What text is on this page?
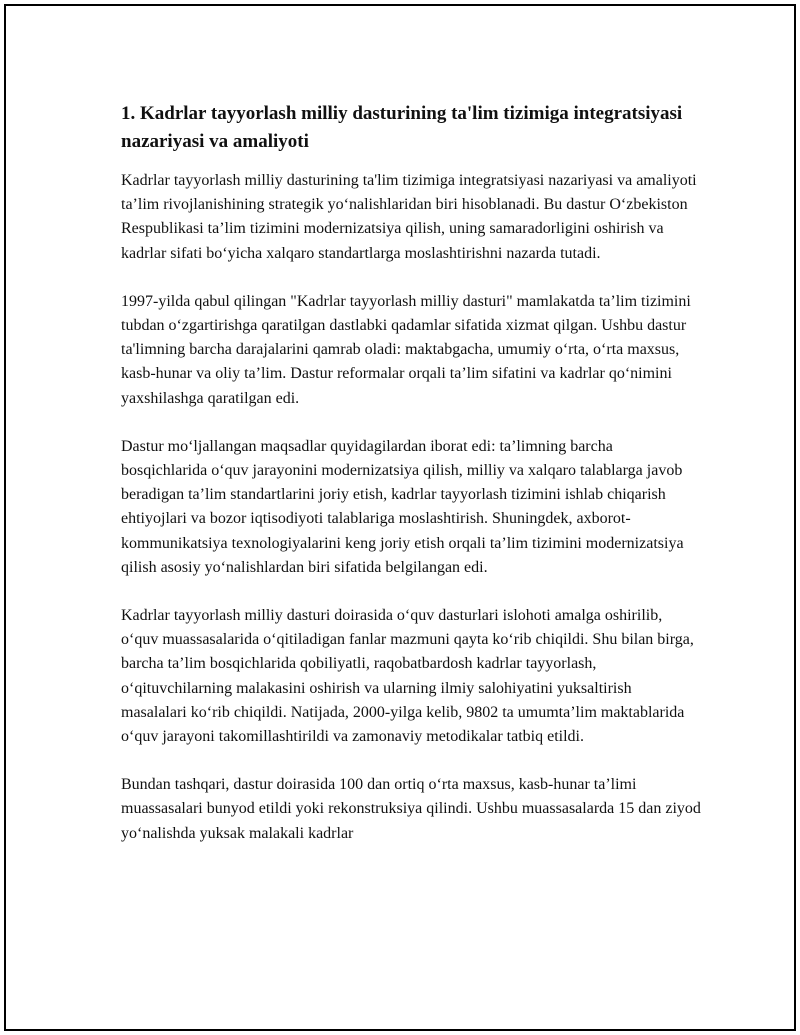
1. Kadrlar tayyorlash milliy dasturining ta'lim tizimiga integratsiyasi nazariyasi va amaliyoti

Kadrlar tayyorlash milliy dasturining ta'lim tizimiga integratsiyasi nazariyasi va amaliyoti ta’lim rivojlanishining strategik yo‘nalishlaridan biri hisoblanadi. Bu dastur O‘zbekiston Respublikasi ta’lim tizimini modernizatsiya qilish, uning samaradorligini oshirish va kadrlar sifati bo‘yicha xalqaro standartlarga moslashtirishni nazarda tutadi.

1997-yilda qabul qilingan "Kadrlar tayyorlash milliy dasturi" mamlakatda ta’lim tizimini tubdan o‘zgartirishga qaratilgan dastlabki qadamlar sifatida xizmat qilgan. Ushbu dastur ta'limning barcha darajalarini qamrab oladi: maktabgacha, umumiy o‘rta, o‘rta maxsus, kasb-hunar va oliy ta’lim. Dastur reformalar orqali ta’lim sifatini va kadrlar qo‘nimini yaxshilashga qaratilgan edi.

Dastur mo‘ljallangan maqsadlar quyidagilardan iborat edi: ta’limning barcha bosqichlarida o‘quv jarayonini modernizatsiya qilish, milliy va xalqaro talablarga javob beradigan ta’lim standartlarini joriy etish, kadrlar tayyorlash tizimini ishlab chiqarish ehtiyojlari va bozor iqtisodiyoti talablariga moslashtirish. Shuningdek, axborot-kommunikatsiya texnologiyalarini keng joriy etish orqali ta’lim tizimini modernizatsiya qilish asosiy yo‘nalishlardan biri sifatida belgilangan edi.

Kadrlar tayyorlash milliy dasturi doirasida o‘quv dasturlari islohoti amalga oshirilib, o‘quv muassasalarida o‘qitiladigan fanlar mazmuni qayta ko‘rib chiqildi. Shu bilan birga, barcha ta’lim bosqichlarida qobiliyatli, raqobatbardosh kadrlar tayyorlash, o‘qituvchilarning malakasini oshirish va ularning ilmiy salohiyatini yuksaltirish masalalari ko‘rib chiqildi. Natijada, 2000-yilga kelib, 9802 ta umumta’lim maktablarida o‘quv jarayoni takomillashtirildi va zamonaviy metodikalar tatbiq etildi.

Bundan tashqari, dastur doirasida 100 dan ortiq o‘rta maxsus, kasb-hunar ta’limi muassasalari bunyod etildi yoki rekonstruksiya qilindi. Ushbu muassasalarda 15 dan ziyod yo‘nalishda yuksak malakali kadrlar
